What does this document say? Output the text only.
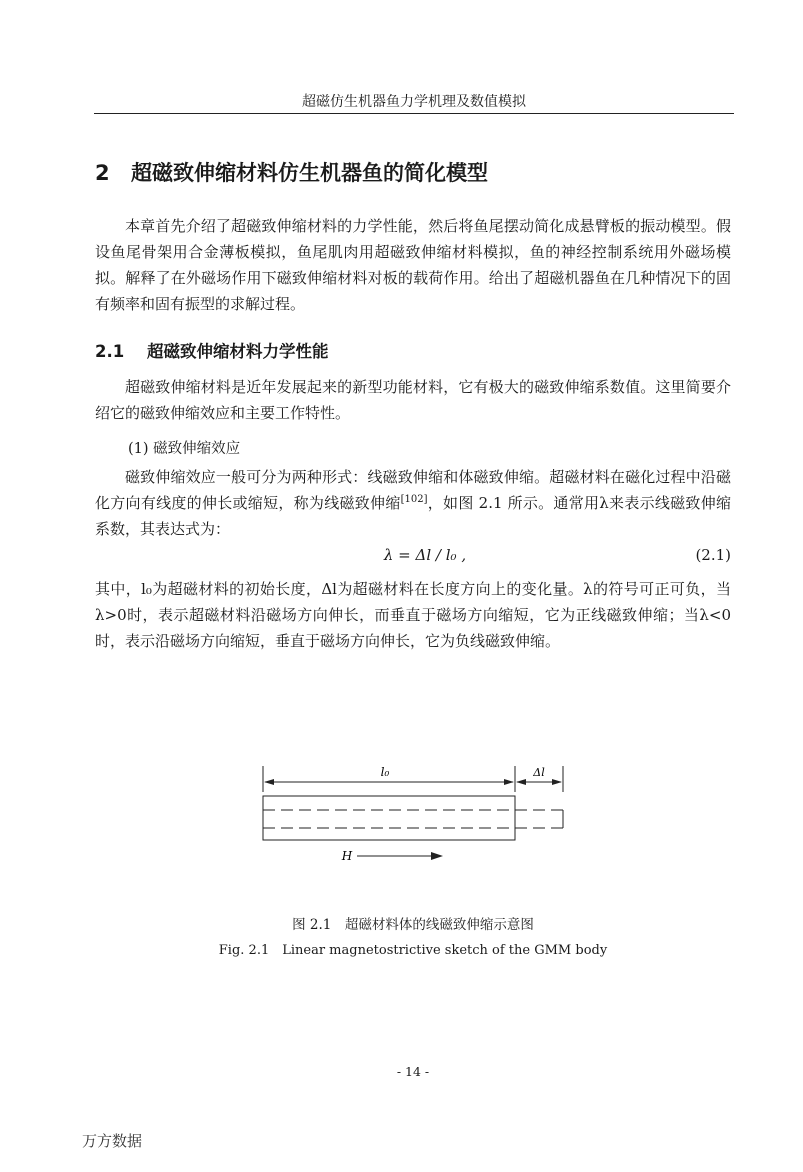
超磁仿生机器鱼力学机理及数值模拟
2 超磁致伸缩材料仿生机器鱼的简化模型
本章首先介绍了超磁致伸缩材料的力学性能，然后将鱼尾摆动简化成悬臂板的振动模型。假设鱼尾骨架用合金薄板模拟，鱼尾肌肉用超磁致伸缩材料模拟，鱼的神经控制系统用外磁场模拟。解释了在外磁场作用下磁致伸缩材料对板的载荷作用。给出了超磁机器鱼在几种情况下的固有频率和固有振型的求解过程。
2.1 超磁致伸缩材料力学性能
超磁致伸缩材料是近年发展起来的新型功能材料，它有极大的磁致伸缩系数值。这里简要介绍它的磁致伸缩效应和主要工作特性。
(1) 磁致伸缩效应
磁致伸缩效应一般可分为两种形式：线磁致伸缩和体磁致伸缩。超磁材料在磁化过程中沿磁化方向有线度的伸长或缩短，称为线磁致伸缩[102]，如图 2.1 所示。通常用λ来表示线磁致伸缩系数，其表达式为：
λ = Δl / l₀ ,	(2.1)
其中，l₀为超磁材料的初始长度，Δl为超磁材料在长度方向上的变化量。λ的符号可正可负，当λ>0时，表示超磁材料沿磁场方向伸长，而垂直于磁场方向缩短，它为正线磁致伸缩；当λ<0时，表示沿磁场方向缩短，垂直于磁场方向伸长，它为负线磁致伸缩。
l₀	Δl
H
图 2.1　超磁材料体的线磁致伸缩示意图
Fig. 2.1　Linear magnetostrictive sketch of the GMM body
- 14 -
万方数据
